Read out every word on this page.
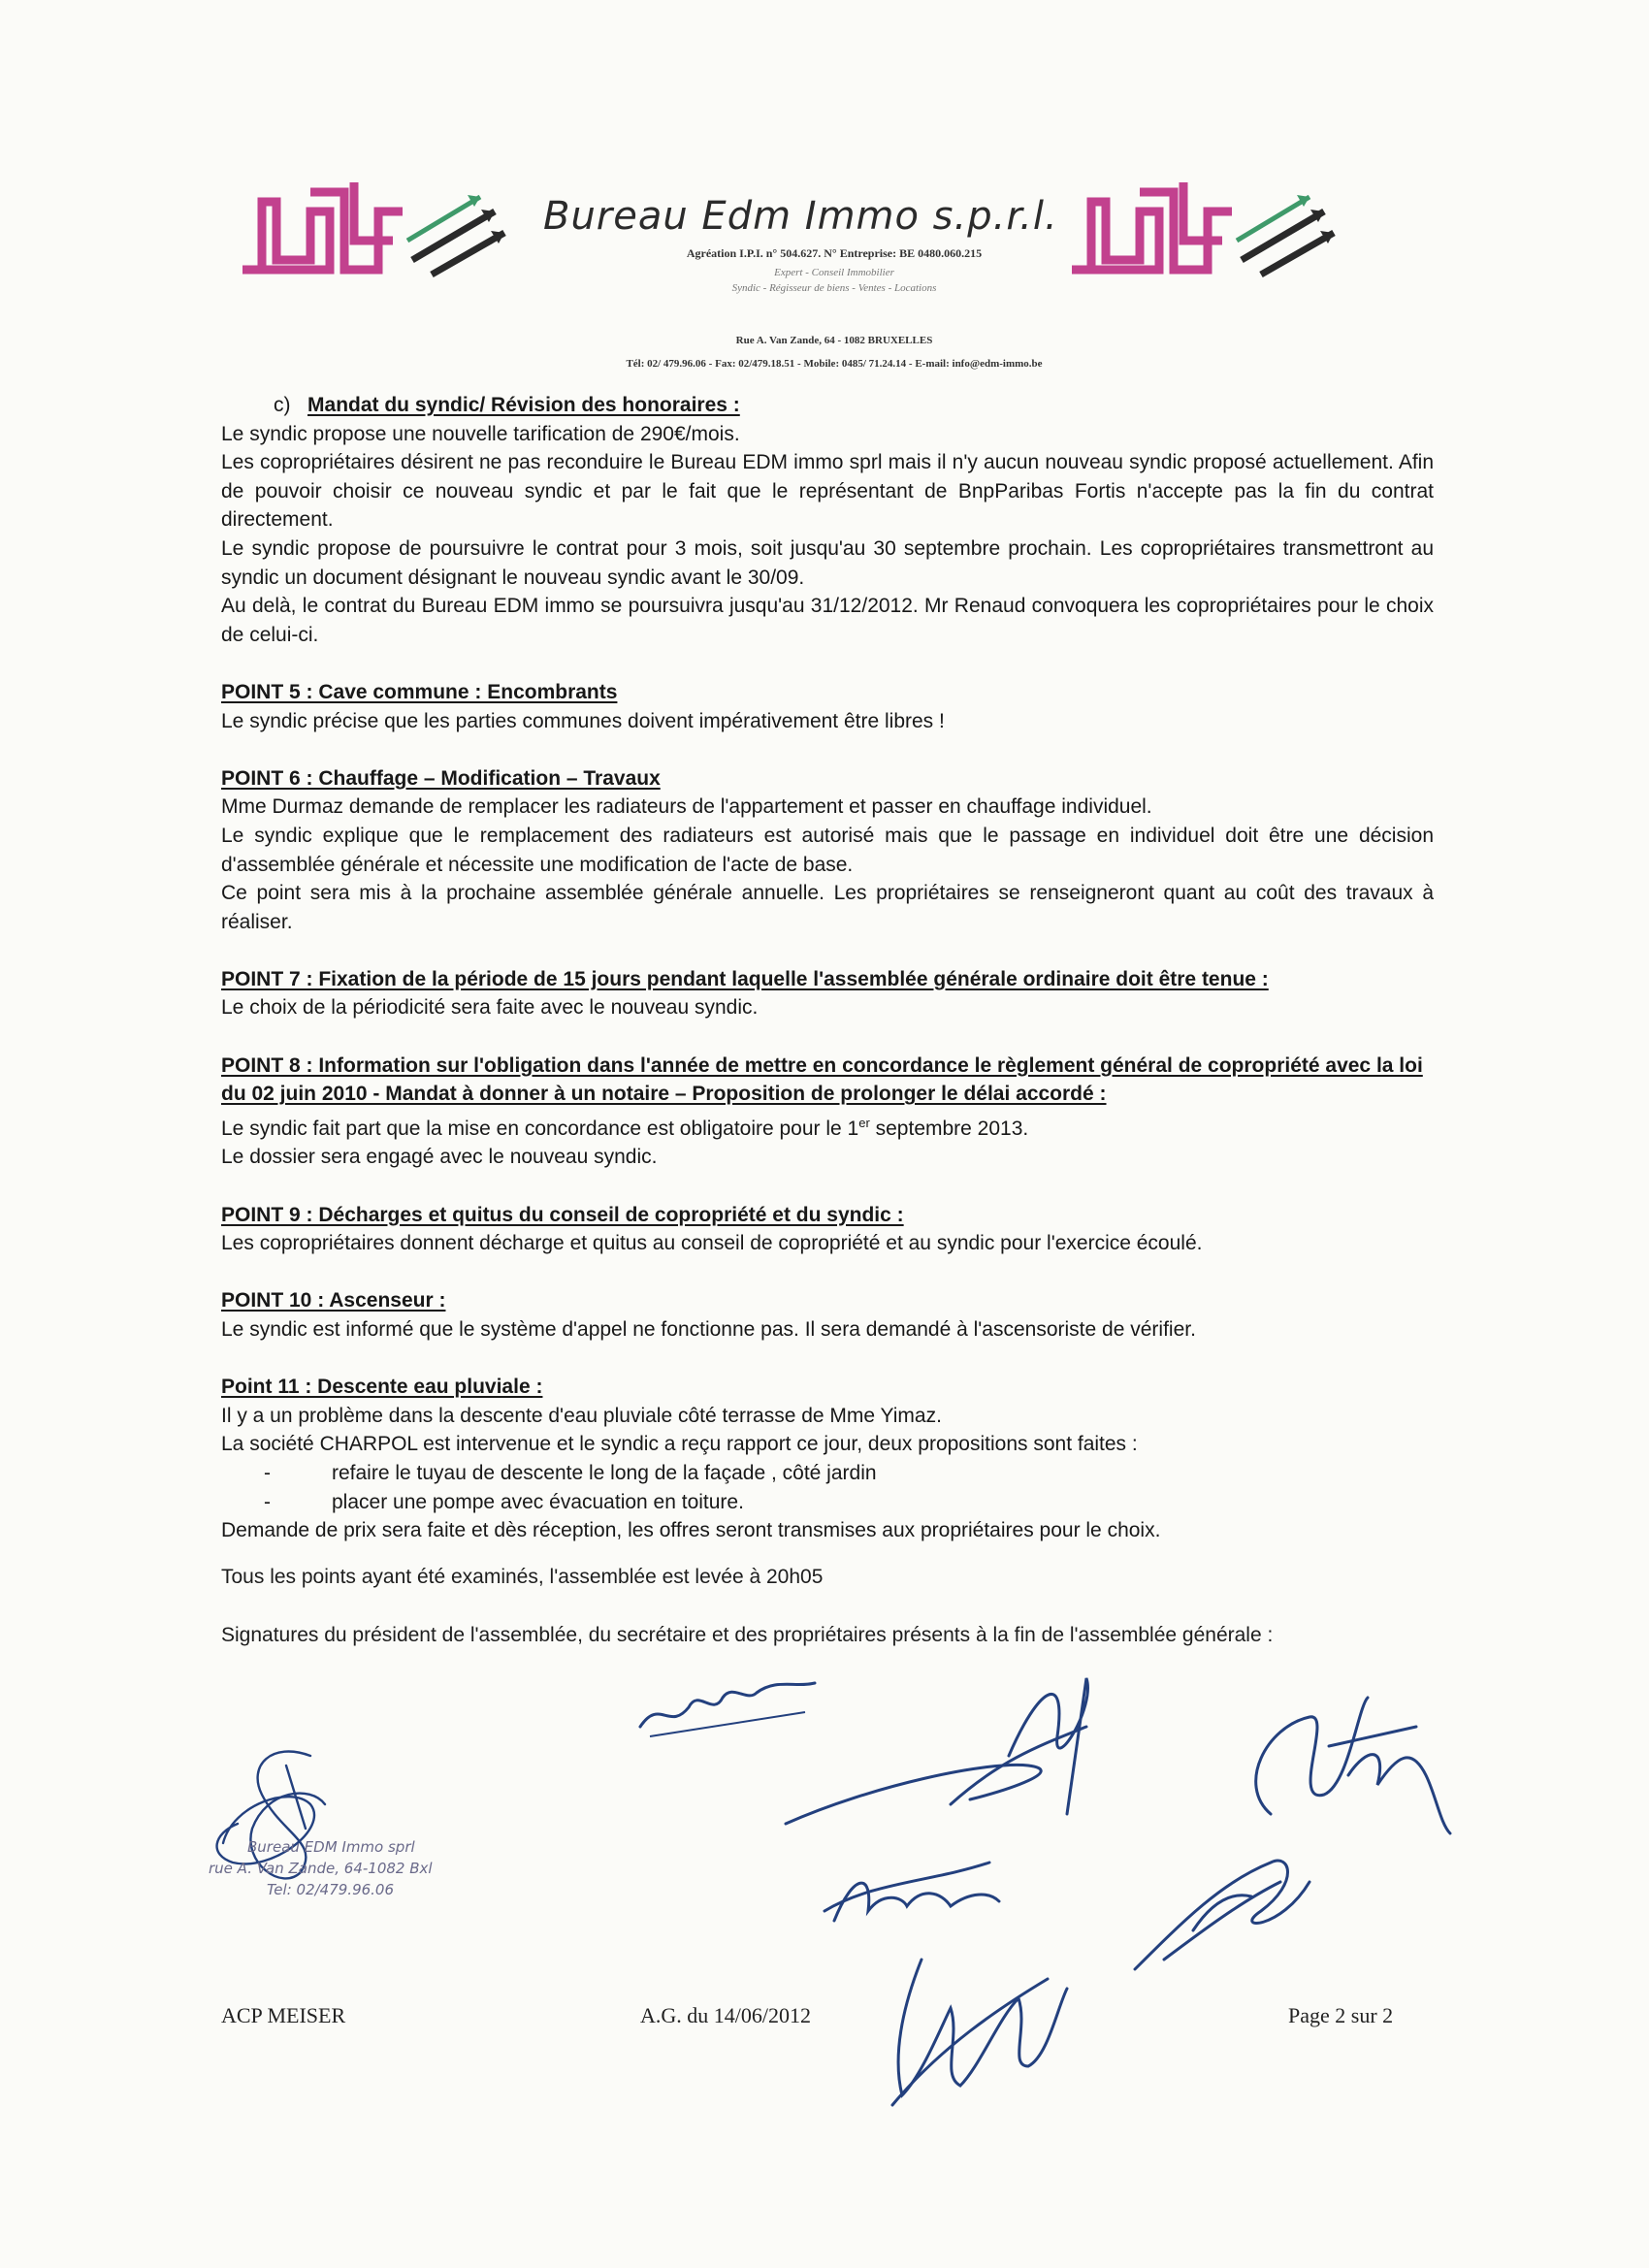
Bureau Edm Immo s.p.r.l.
Agréation I.P.I. n° 504.627. N° Entreprise: BE 0480.060.215
Expert - Conseil Immobilier
Syndic - Régisseur de biens - Ventes - Locations
Rue A. Van Zande, 64 - 1082 BRUXELLES
Tél: 02/ 479.96.06 - Fax: 02/479.18.51 - Mobile: 0485/ 71.24.14 - E-mail: info@edm-immo.be

c) Mandat du syndic/ Révision des honoraires :

Le syndic propose une nouvelle tarification de 290€/mois.

Les copropriétaires désirent ne pas reconduire le Bureau EDM immo sprl mais il n'y aucun nouveau syndic proposé actuellement. Afin de pouvoir choisir ce nouveau syndic et par le fait que le représentant de BnpParibas Fortis n'accepte pas la fin du contrat directement.

Le syndic propose de poursuivre le contrat pour 3 mois, soit jusqu'au 30 septembre prochain. Les copropriétaires transmettront au syndic un document désignant le nouveau syndic avant le 30/09.

Au delà, le contrat du Bureau EDM immo se poursuivra jusqu'au 31/12/2012. Mr Renaud convoquera les copropriétaires pour le choix de celui-ci.

POINT 5 : Cave commune : Encombrants

Le syndic précise que les parties communes doivent impérativement être libres !

POINT 6 : Chauffage – Modification – Travaux

Mme Durmaz demande de remplacer les radiateurs de l'appartement et passer en chauffage individuel.

Le syndic explique que le remplacement des radiateurs est autorisé mais que le passage en individuel doit être une décision d'assemblée générale et nécessite une modification de l'acte de base.

Ce point sera mis à la prochaine assemblée générale annuelle. Les propriétaires se renseigneront quant au coût des travaux à réaliser.

POINT 7 : Fixation de la période de 15 jours pendant laquelle l'assemblée générale ordinaire doit être tenue :

Le choix de la périodicité sera faite avec le nouveau syndic.

POINT 8 : Information sur l'obligation dans l'année de mettre en concordance le règlement général de copropriété avec la loi du 02 juin 2010 - Mandat à donner à un notaire – Proposition de prolonger le délai accordé :

Le syndic fait part que la mise en concordance est obligatoire pour le 1er septembre 2013.

Le dossier sera engagé avec le nouveau syndic.

POINT 9 : Décharges et quitus du conseil de copropriété et du syndic :

Les copropriétaires donnent décharge et quitus au conseil de copropriété et au syndic pour l'exercice écoulé.

POINT 10 : Ascenseur :

Le syndic est informé que le système d'appel ne fonctionne pas. Il sera demandé à l'ascensoriste de vérifier.

Point 11 : Descente eau pluviale :

Il y a un problème dans la descente d'eau pluviale côté terrasse de Mme Yimaz.

La société CHARPOL est intervenue et le syndic a reçu rapport ce jour, deux propositions sont faites :

-	refaire le tuyau de descente le long de la façade , côté jardin

-	placer une pompe avec évacuation en toiture.

Demande de prix sera faite et dès réception, les offres seront transmises aux propriétaires pour le choix.

Tous les points ayant été examinés, l'assemblée est levée à 20h05
Signatures du président de l'assemblée, du secrétaire et des propriétaires présents à la fin de l'assemblée générale :
Bureau EDM Immo sprl
rue A. Van Zande, 64-1082 Bxl
Tel: 02/479.96.06
ACP MEISER	A.G. du 14/06/2012	Page 2 sur 2
